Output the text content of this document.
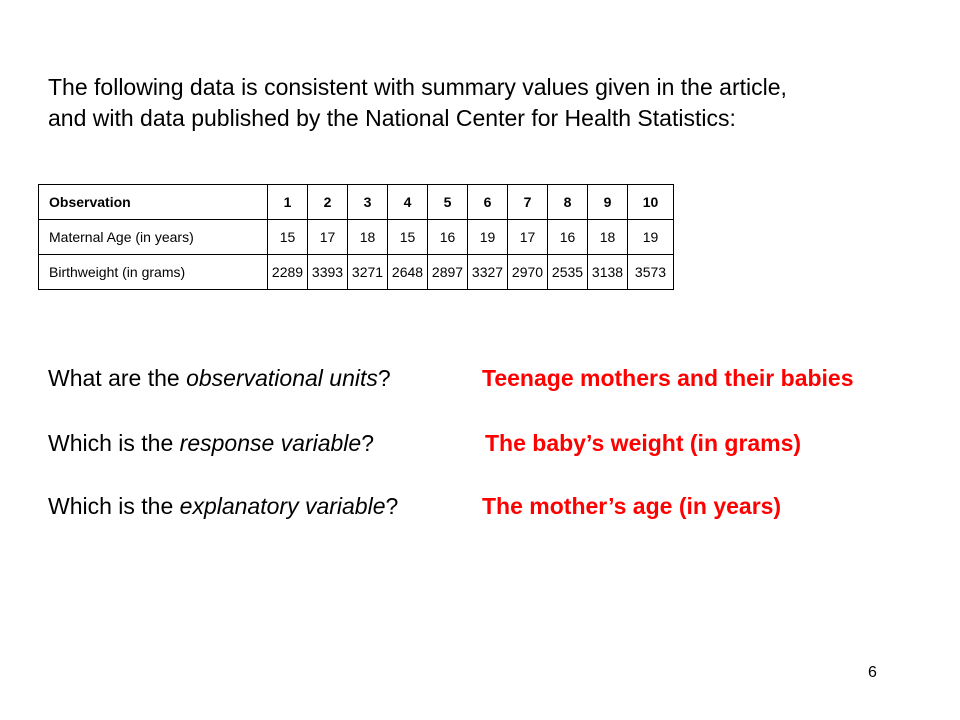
The following data is consistent with summary values given in the article,
and with data published by the National Center for Health Statistics:
Observation	1	2	3	4	5	6	7	8	9	10
Maternal Age (in years)	15	17	18	15	16	19	17	16	18	19
Birthweight (in grams)	2289	3393	3271	2648	2897	3327	2970	2535	3138	3573
What are the observational units?	Teenage mothers and their babies
Which is the response variable?	The baby’s weight (in grams)
Which is the explanatory variable?	The mother’s age (in years)
6
